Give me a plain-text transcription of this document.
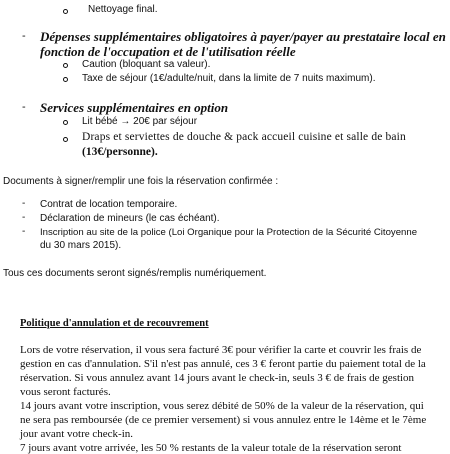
Nettoyage final.
- Dépenses supplémentaires obligatoires à payer/payer au prestataire local en
fonction de l'occupation et de l'utilisation réelle
Caution (bloquant sa valeur).
Taxe de séjour (1€/adulte/nuit, dans la limite de 7 nuits maximum).
- Services supplémentaires en option
Lit bébé → 20€ par séjour
Draps et serviettes de douche & pack accueil cuisine et salle de bain
(13€/personne).
Documents à signer/remplir une fois la réservation confirmée :
- Contrat de location temporaire.
- Déclaration de mineurs (le cas échéant).
- Inscription au site de la police (Loi Organique pour la Protection de la Sécurité Citoyenne
du 30 mars 2015).
Tous ces documents seront signés/remplis numériquement.
Politique d'annulation et de recouvrement
Lors de votre réservation, il vous sera facturé 3€ pour vérifier la carte et couvrir les frais de
gestion en cas d'annulation. S'il n'est pas annulé, ces 3 € feront partie du paiement total de la
réservation. Si vous annulez avant 14 jours avant le check-in, seuls 3 € de frais de gestion
vous seront facturés.
14 jours avant votre inscription, vous serez débité de 50% de la valeur de la réservation, qui
ne sera pas remboursée (de ce premier versement) si vous annulez entre le 14ème et le 7ème
jour avant votre check-in.
7 jours avant votre arrivée, les 50 % restants de la valeur totale de la réservation seront
